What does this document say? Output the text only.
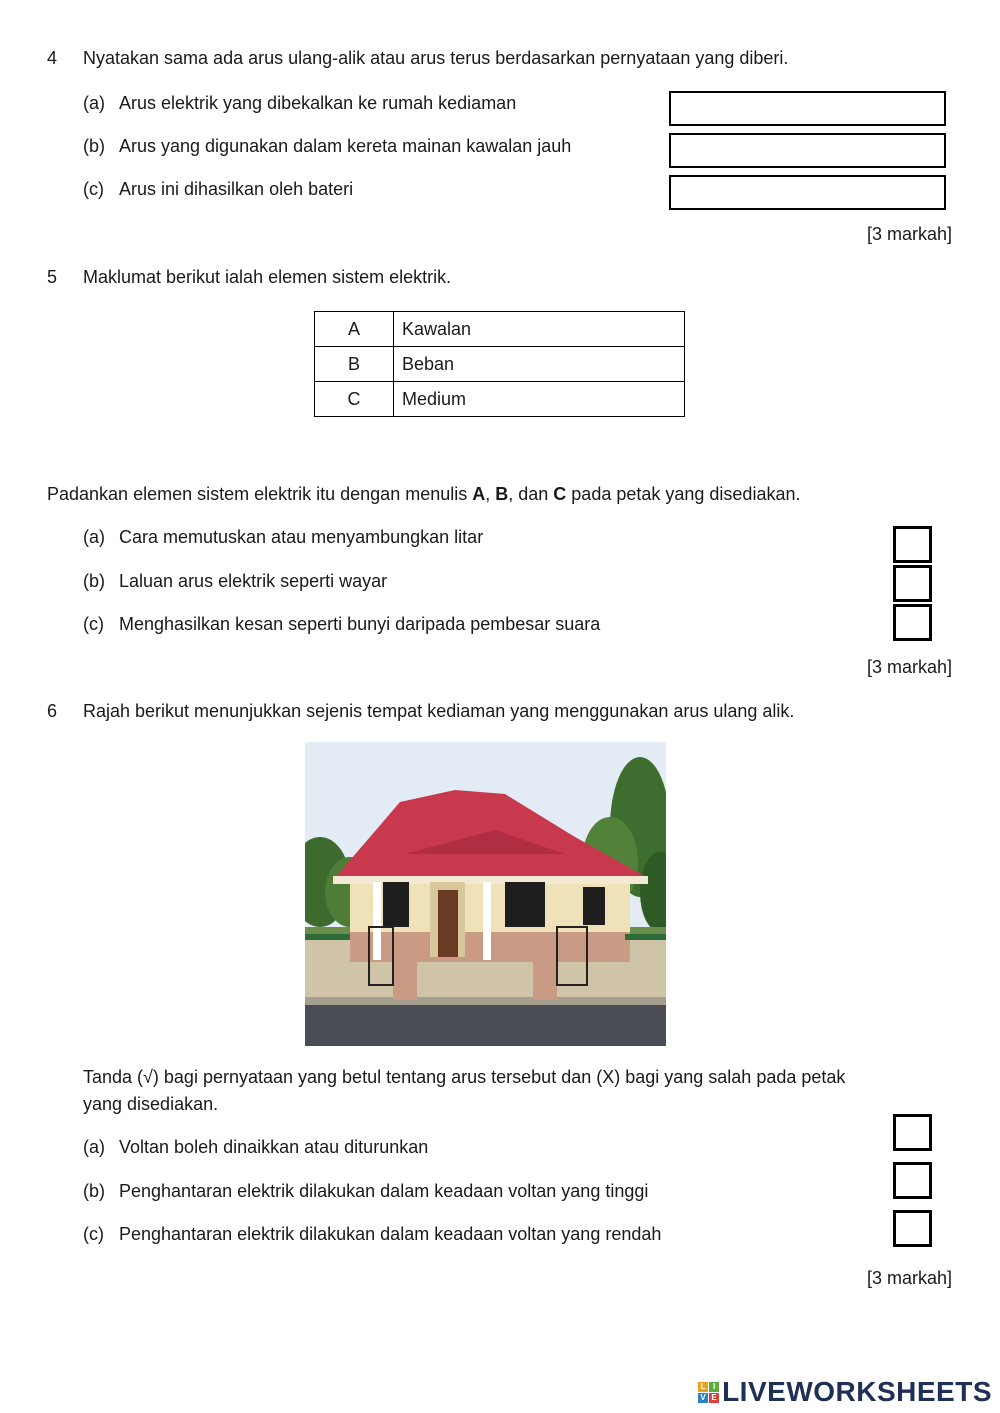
4 Nyatakan sama ada arus ulang-alik atau arus terus berdasarkan pernyataan yang diberi.
(a) Arus elektrik yang dibekalkan ke rumah kediaman
(b) Arus yang digunakan dalam kereta mainan kawalan jauh
(c) Arus ini dihasilkan oleh bateri
[3 markah]
5 Maklumat berikut ialah elemen sistem elektrik.
A	Kawalan
B	Beban
C	Medium
Padankan elemen sistem elektrik itu dengan menulis A, B, dan C pada petak yang disediakan.
(a) Cara memutuskan atau menyambungkan litar
(b) Laluan arus elektrik seperti wayar
(c) Menghasilkan kesan seperti bunyi daripada pembesar suara
[3 markah]
6 Rajah berikut menunjukkan sejenis tempat kediaman yang menggunakan arus ulang alik.
Tanda (√) bagi pernyataan yang betul tentang arus tersebut dan (X) bagi yang salah pada petak
yang disediakan.
(a) Voltan boleh dinaikkan atau diturunkan
(b) Penghantaran elektrik dilakukan dalam keadaan voltan yang tinggi
(c) Penghantaran elektrik dilakukan dalam keadaan voltan yang rendah
[3 markah]
L I
V E LIVEWORKSHEETS
